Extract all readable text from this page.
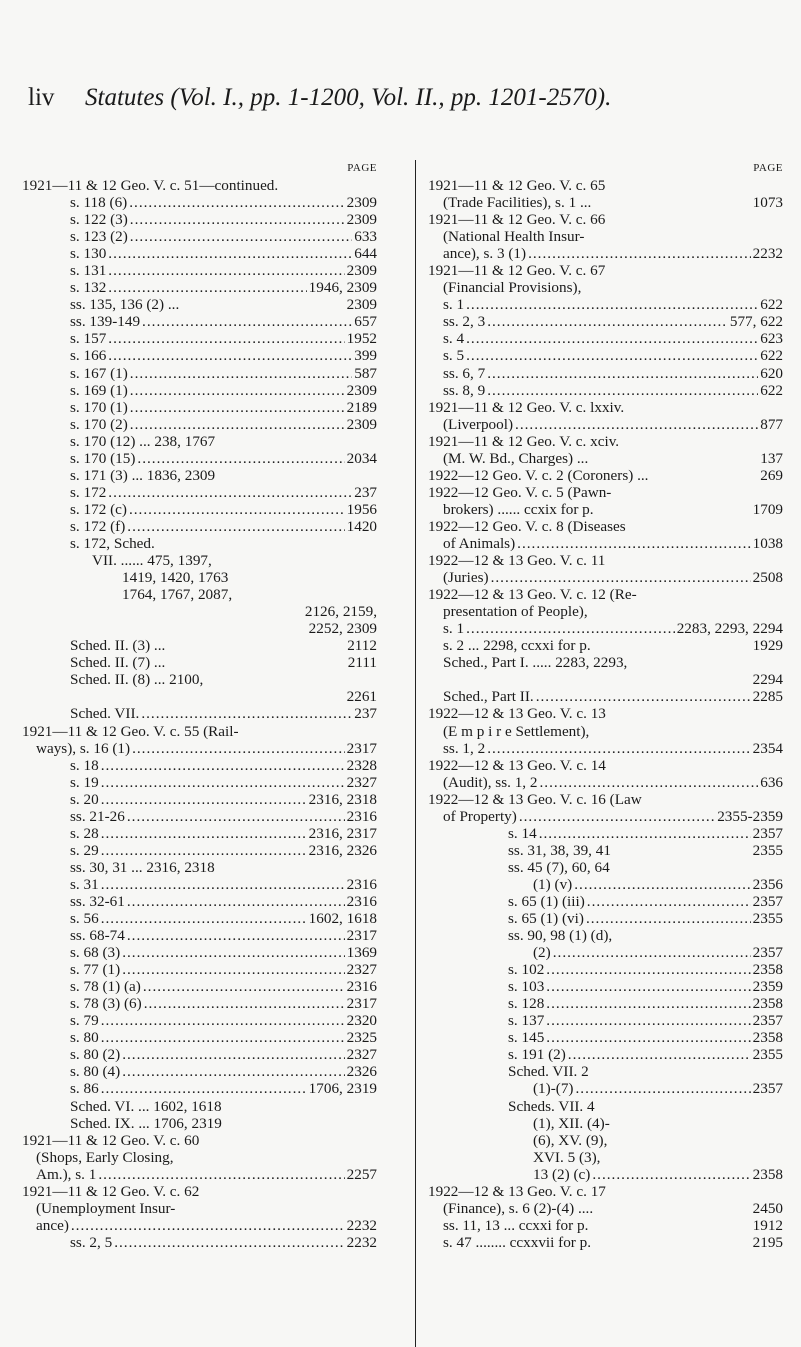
liv Statutes (Vol. I., pp. 1-1200, Vol. II., pp. 1201-2570).
PAGE
1921—11 & 12 Geo. V. c. 51—continued.
s. 118 (6) .....	2309
s. 122 (3) .....	2309
s. 123 (2) .....	633
s. 130 .....	644
s. 131 .....	2309
s. 132 .....	1946, 2309
ss. 135, 136 (2) ...	2309
ss. 139-149 .....	657
s. 157 .....	1952
s. 166 .....	399
s. 167 (1) .....	587
s. 169 (1) .....	2309
s. 170 (1) .....	2189
s. 170 (2) .....	2309
s. 170 (12) ... 238, 1767
s. 170 (15) .....	2034
s. 171 (3) ... 1836, 2309
s. 172 .....	237
s. 172 (c) .....	1956
s. 172 (f) .....	1420
s. 172, Sched.
VII. ...... 475, 1397,
1419, 1420, 1763
1764, 1767, 2087,
2126, 2159,
2252, 2309
Sched. II. (3) ...	2112
Sched. II. (7) ...	2111
Sched. II. (8) ... 2100,
2261
Sched. VII. .....	237
1921—11 & 12 Geo. V. c. 55 (Rail-
ways), s. 16 (1) .....	2317
s. 18 .....	2328
s. 19 .....	2327
s. 20 .....	2316, 2318
ss. 21-26 .....	2316
s. 28 .....	2316, 2317
s. 29 .....	2316, 2326
ss. 30, 31 ... 2316, 2318
s. 31 .....	2316
ss. 32-61 .....	2316
s. 56 .....	1602, 1618
ss. 68-74 .....	2317
s. 68 (3) .....	1369
s. 77 (1) .....	2327
s. 78 (1) (a) .....	2316
s. 78 (3) (6) .....	2317
s. 79 .....	2320
s. 80 .....	2325
s. 80 (2) .....	2327
s. 80 (4) .....	2326
s. 86 .....	1706, 2319
Sched. VI. ... 1602, 1618
Sched. IX. ... 1706, 2319
1921—11 & 12 Geo. V. c. 60
(Shops, Early Closing,
Am.), s. 1 .....	2257
1921—11 & 12 Geo. V. c. 62
(Unemployment Insur-
ance) .....	2232
ss. 2, 5 .....	2232
PAGE
1921—11 & 12 Geo. V. c. 65
(Trade Facilities), s. 1 ...	1073
1921—11 & 12 Geo. V. c. 66
(National Health Insur-
ance), s. 3 (1) .....	2232
1921—11 & 12 Geo. V. c. 67
(Financial Provisions),
s. 1 .....	622
ss. 2, 3 .....	577, 622
s. 4 .....	623
s. 5 .....	622
ss. 6, 7 .....	620
ss. 8, 9 .....	622
1921—11 & 12 Geo. V. c. lxxiv.
(Liverpool) .....	877
1921—11 & 12 Geo. V. c. xciv.
(M. W. Bd., Charges) ...	137
1922—12 Geo. V. c. 2 (Coroners) ...	269
1922—12 Geo. V. c. 5 (Pawn-
brokers) ...... ccxix for p.	1709
1922—12 Geo. V. c. 8 (Diseases
of Animals) .....	1038
1922—12 & 13 Geo. V. c. 11
(Juries) .....	2508
1922—12 & 13 Geo. V. c. 12 (Re-
presentation of People),
s. 1 .....	2283, 2293, 2294
s. 2 ... 2298, ccxxi for p.	1929
Sched., Part I. ..... 2283, 2293,
2294
Sched., Part II. .....	2285
1922—12 & 13 Geo. V. c. 13
(E m p i r e Settlement),
ss. 1, 2 .....	2354
1922—12 & 13 Geo. V. c. 14
(Audit), ss. 1, 2 .....	636
1922—12 & 13 Geo. V. c. 16 (Law
of Property) .....	2355-2359
s. 14 .....	2357
ss. 31, 38, 39, 41	2355
ss. 45 (7), 60, 64
(1) (v) .....	2356
s. 65 (1) (iii) .....	2357
s. 65 (1) (vi) .....	2355
ss. 90, 98 (1) (d),
(2) .....	2357
s. 102 .....	2358
s. 103 .....	2359
s. 128 .....	2358
s. 137 .....	2357
s. 145 .....	2358
s. 191 (2) .....	2355
Sched. VII. 2
(1)-(7) .....	2357
Scheds. VII. 4
(1), XII. (4)-
(6), XV. (9),
XVI. 5 (3),
13 (2) (c) .....	2358
1922—12 & 13 Geo. V. c. 17
(Finance), s. 6 (2)-(4) ....	2450
ss. 11, 13 ... ccxxi for p.	1912
s. 47 ........ ccxxvii for p.	2195
